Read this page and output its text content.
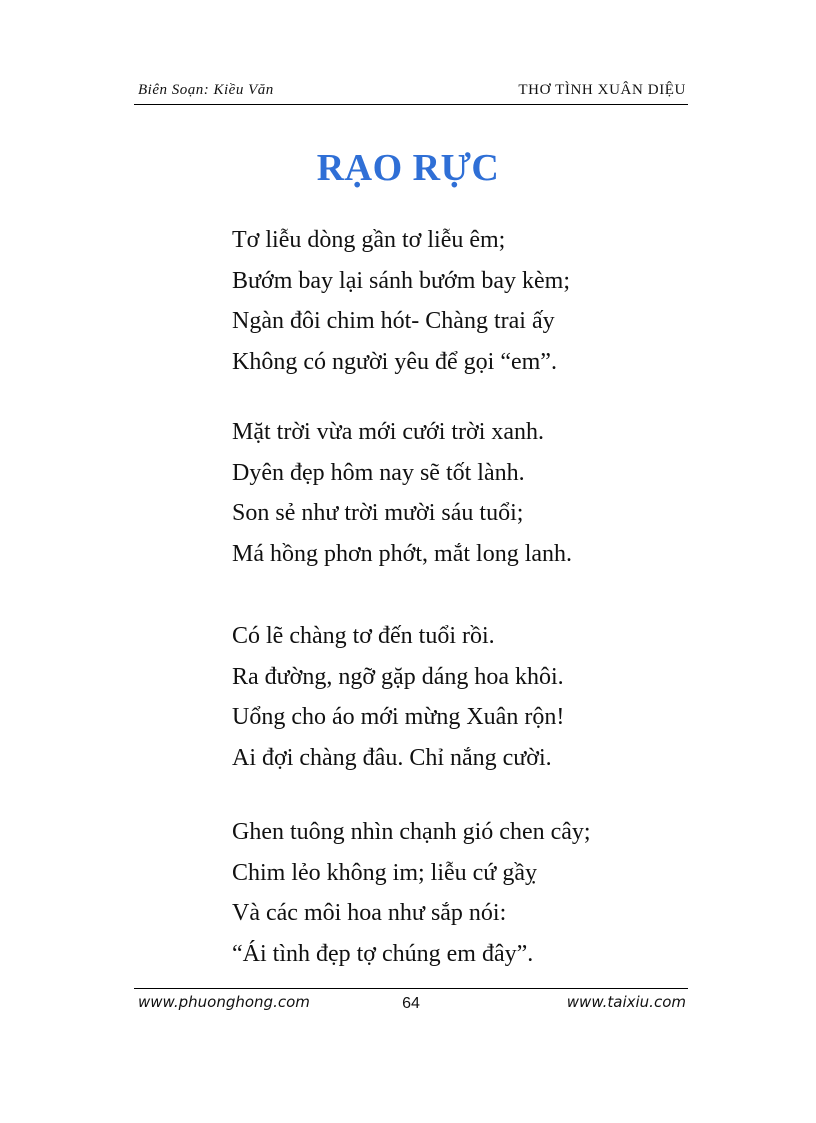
Biên Soạn: Kiều Văn	THƠ TÌNH XUÂN DIỆU
RẠO RỰC
Tơ liễu dòng gần tơ liễu êm;
Bướm bay lại sánh bướm bay kèm;
Ngàn đôi chim hót- Chàng trai ấy
Không có người yêu để gọi “em”.
Mặt trời vừa mới cưới trời xanh.
Dyên đẹp hôm nay sẽ tốt lành.
Son sẻ như trời mười sáu tuổi;
Má hồng phơn phớt, mắt long lanh.
Có lẽ chàng tơ đến tuổi rồi.
Ra đường, ngỡ gặp dáng hoa khôi.
Uổng cho áo mới mừng Xuân rộn!
Ai đợi chàng đâu. Chỉ nắng cười.
Ghen tuông nhìn chạnh gió chen cây;
Chim lẻo không im; liễu cứ gầỵ
Và các môi hoa như sắp nói:
“Ái tình đẹp tợ chúng em đây”.
www.phuonghong.com	64	www.taixiu.com
